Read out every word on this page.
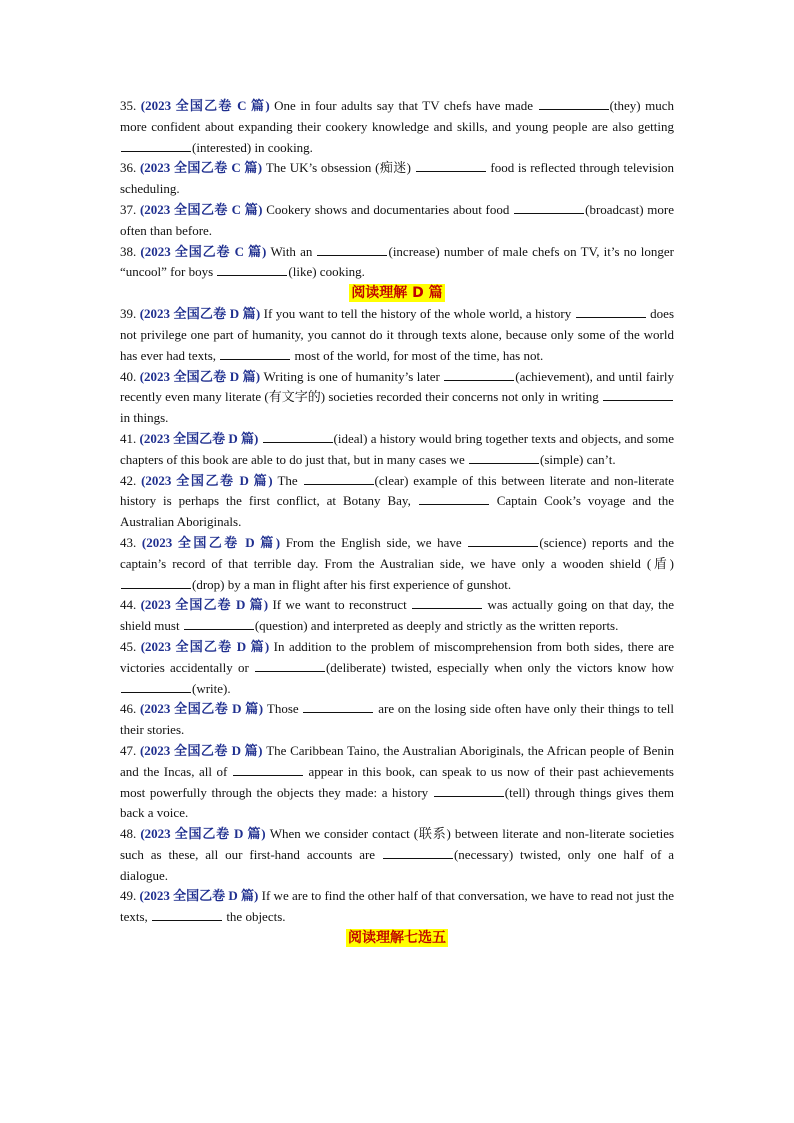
35. (2023 全国乙卷 C 篇) One in four adults say that TV chefs have made	(they) much more confident about expanding their cookery knowledge and skills, and young people are also getting (interested) in cooking.

36. (2023 全国乙卷 C 篇) The UK’s obsession (痴迷)	food is reflected through television scheduling.

37. (2023 全国乙卷 C 篇) Cookery shows and documentaries about food	(broadcast) more often than before.

38. (2023 全国乙卷 C 篇) With an	(increase) number of male chefs on TV, it’s no longer “uncool” for boys	(like) cooking.

阅读理解 D 篇

39. (2023 全国乙卷 D 篇) If you want to tell the history of the whole world, a history	does not privilege one part of humanity, you cannot do it through texts alone, because only some of the world has ever had texts,	most of the world, for most of the time, has not.

40. (2023 全国乙卷 D 篇) Writing is one of humanity’s later	(achievement), and until fairly recently even many literate (有文字的) societies recorded their concerns not only in writing  in things.

41. (2023 全国乙卷 D 篇)	(ideal) a history would bring together texts and objects, and some chapters of this book are able to do just that, but in many cases we	(simple) can’t.

42. (2023 全国乙卷 D 篇) The	(clear) example of this between literate and non-literate history is perhaps the first conflict, at Botany Bay,	Captain Cook’s voyage and the Australian Aboriginals.

43. (2023 全国乙卷 D 篇) From the English side, we have	(science) reports and the captain’s record of that terrible day. From the Australian side, we have only a wooden shield (盾) (drop) by a man in flight after his first experience of gunshot.

44. (2023 全国乙卷 D 篇) If we want to reconstruct	was actually going on that day, the shield must	(question) and interpreted as deeply and strictly as the written reports.

45. (2023 全国乙卷 D 篇) In addition to the problem of miscomprehension from both sides, there are victories accidentally or	(deliberate) twisted, especially when only the victors know how (write).

46. (2023 全国乙卷 D 篇) Those	are on the losing side often have only their things to tell their stories.

47. (2023 全国乙卷 D 篇) The Caribbean Taino, the Australian Aboriginals, the African people of Benin and the Incas, all of	appear in this book, can speak to us now of their past achievements most powerfully through the objects they made: a history	(tell) through things gives them back a voice.

48. (2023 全国乙卷 D 篇) When we consider contact (联系) between literate and non-literate societies such as these, all our first-hand accounts are	(necessary) twisted, only one half of a dialogue.

49. (2023 全国乙卷 D 篇) If we are to find the other half of that conversation, we have to read not just the texts,	the objects.

阅读理解七选五
